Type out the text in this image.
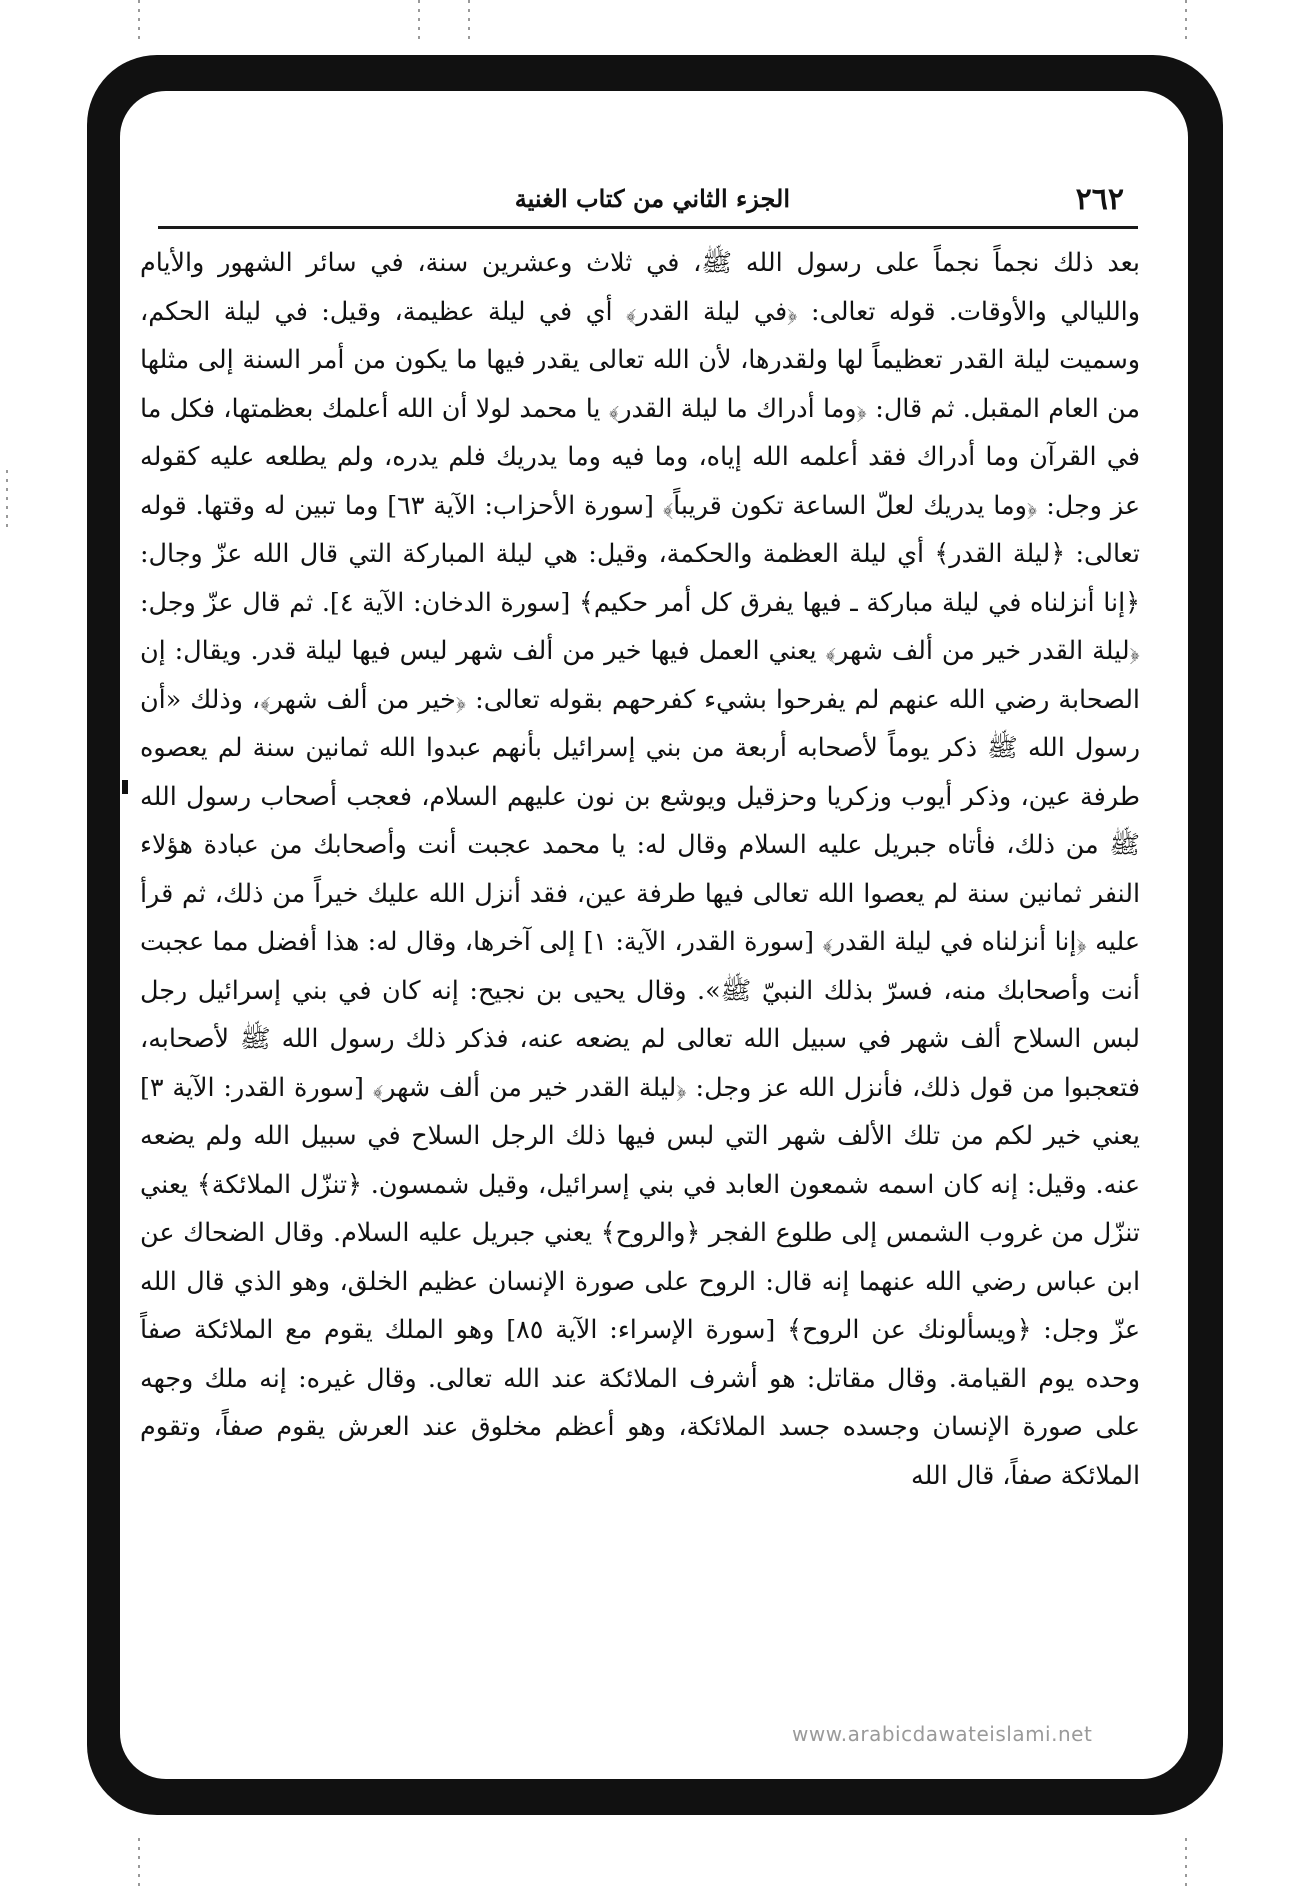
٢٦٢
الجزء الثاني من كتاب الغنية

بعد ذلك نجماً نجماً على رسول الله ﷺ، في ثلاث وعشرين سنة، في سائر الشهور والأيام والليالي والأوقات. قوله تعالى: ﴿في ليلة القدر﴾ أي في ليلة عظيمة، وقيل: في ليلة الحكم، وسميت ليلة القدر تعظيماً لها ولقدرها، لأن الله تعالى يقدر فيها ما يكون من أمر السنة إلى مثلها من العام المقبل. ثم قال: ﴿وما أدراك ما ليلة القدر﴾ يا محمد لولا أن الله أعلمك بعظمتها، فكل ما في القرآن وما أدراك فقد أعلمه الله إياه، وما فيه وما يدريك فلم يدره، ولم يطلعه عليه كقوله عز وجل: ﴿وما يدريك لعلّ الساعة تكون قريباً﴾ [سورة الأحزاب: الآية ٦٣] وما تبين له وقتها. قوله تعالى: ﴿ليلة القدر﴾ أي ليلة العظمة والحكمة، وقيل: هي ليلة المباركة التي قال الله عزّ وجال: ﴿إنا أنزلناه في ليلة مباركة ـ فيها يفرق كل أمر حكيم﴾ [سورة الدخان: الآية ٤]. ثم قال عزّ وجل: ﴿ليلة القدر خير من ألف شهر﴾ يعني العمل فيها خير من ألف شهر ليس فيها ليلة قدر. ويقال: إن الصحابة رضي الله عنهم لم يفرحوا بشيء كفرحهم بقوله تعالى: ﴿خير من ألف شهر﴾، وذلك «أن رسول الله ﷺ ذكر يوماً لأصحابه أربعة من بني إسرائيل بأنهم عبدوا الله ثمانين سنة لم يعصوه طرفة عين، وذكر أيوب وزكريا وحزقيل ويوشع بن نون عليهم السلام، فعجب أصحاب رسول الله ﷺ من ذلك، فأتاه جبريل عليه السلام وقال له: يا محمد عجبت أنت وأصحابك من عبادة هؤلاء النفر ثمانين سنة لم يعصوا الله تعالى فيها طرفة عين، فقد أنزل الله عليك خيراً من ذلك، ثم قرأ عليه ﴿إنا أنزلناه في ليلة القدر﴾ [سورة القدر، الآية: ١] إلى آخرها، وقال له: هذا أفضل مما عجبت أنت وأصحابك منه، فسرّ بذلك النبيّ ﷺ». وقال يحيى بن نجيح: إنه كان في بني إسرائيل رجل لبس السلاح ألف شهر في سبيل الله تعالى لم يضعه عنه، فذكر ذلك رسول الله ﷺ لأصحابه، فتعجبوا من قول ذلك، فأنزل الله عز وجل: ﴿ليلة القدر خير من ألف شهر﴾ [سورة القدر: الآية ٣] يعني خير لكم من تلك الألف شهر التي لبس فيها ذلك الرجل السلاح في سبيل الله ولم يضعه عنه. وقيل: إنه كان اسمه شمعون العابد في بني إسرائيل، وقيل شمسون. ﴿تنزّل الملائكة﴾ يعني تنزّل من غروب الشمس إلى طلوع الفجر ﴿والروح﴾ يعني جبريل عليه السلام. وقال الضحاك عن ابن عباس رضي الله عنهما إنه قال: الروح على صورة الإنسان عظيم الخلق، وهو الذي قال الله عزّ وجل: ﴿ويسألونك عن الروح﴾ [سورة الإسراء: الآية ٨٥] وهو الملك يقوم مع الملائكة صفاً وحده يوم القيامة. وقال مقاتل: هو أشرف الملائكة عند الله تعالى. وقال غيره: إنه ملك وجهه على صورة الإنسان وجسده جسد الملائكة، وهو أعظم مخلوق عند العرش يقوم صفاً، وتقوم الملائكة صفاً، قال الله

www.arabicdawateislami.net
